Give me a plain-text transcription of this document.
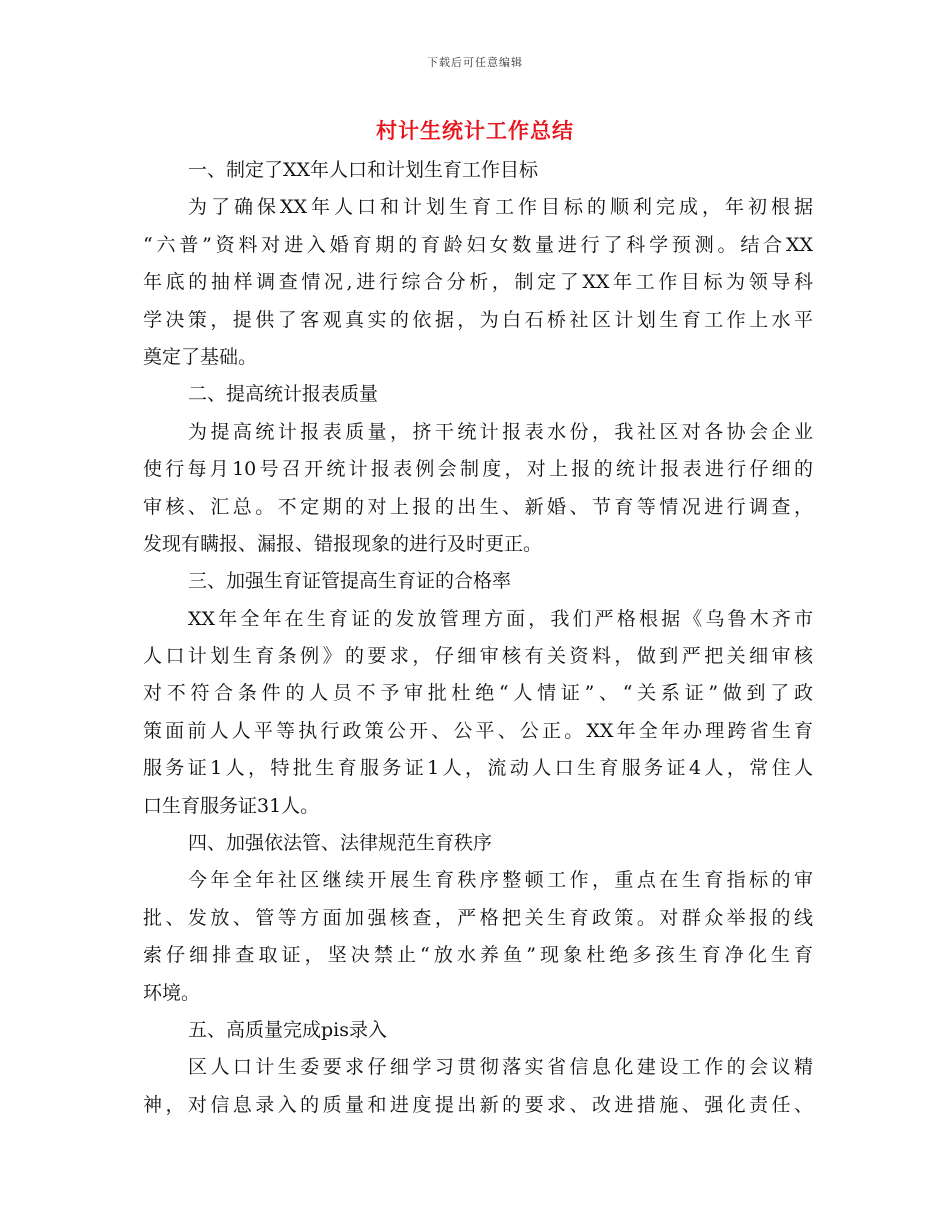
下载后可任意编辑
村计生统计工作总结
一、制定了XX年人口和计划生育工作目标
为了确保XX年人口和计划生育工作目标的顺利完成，年初根据
“六普”资料对进入婚育期的育龄妇女数量进行了科学预测。结合XX
年底的抽样调查情况,进行综合分析，制定了XX年工作目标为领导科
学决策，提供了客观真实的依据，为白石桥社区计划生育工作上水平
奠定了基础。
二、提高统计报表质量
为提高统计报表质量，挤干统计报表水份，我社区对各协会企业
使行每月10号召开统计报表例会制度，对上报的统计报表进行仔细的
审核、汇总。不定期的对上报的出生、新婚、节育等情况进行调查，
发现有瞒报、漏报、错报现象的进行及时更正。
三、加强生育证管提高生育证的合格率
XX年全年在生育证的发放管理方面，我们严格根据《乌鲁木齐市
人口计划生育条例》的要求，仔细审核有关资料，做到严把关细审核
对不符合条件的人员不予审批杜绝“人情证”、“关系证”做到了政
策面前人人平等执行政策公开、公平、公正。XX年全年办理跨省生育
服务证1人，特批生育服务证1人，流动人口生育服务证4人，常住人
口生育服务证31人。
四、加强依法管、法律规范生育秩序
今年全年社区继续开展生育秩序整顿工作，重点在生育指标的审
批、发放、管等方面加强核查，严格把关生育政策。对群众举报的线
索仔细排查取证，坚决禁止“放水养鱼”现象杜绝多孩生育净化生育
环境。
五、高质量完成pis录入
区人口计生委要求仔细学习贯彻落实省信息化建设工作的会议精
神，对信息录入的质量和进度提出新的要求、改进措施、强化责任、
